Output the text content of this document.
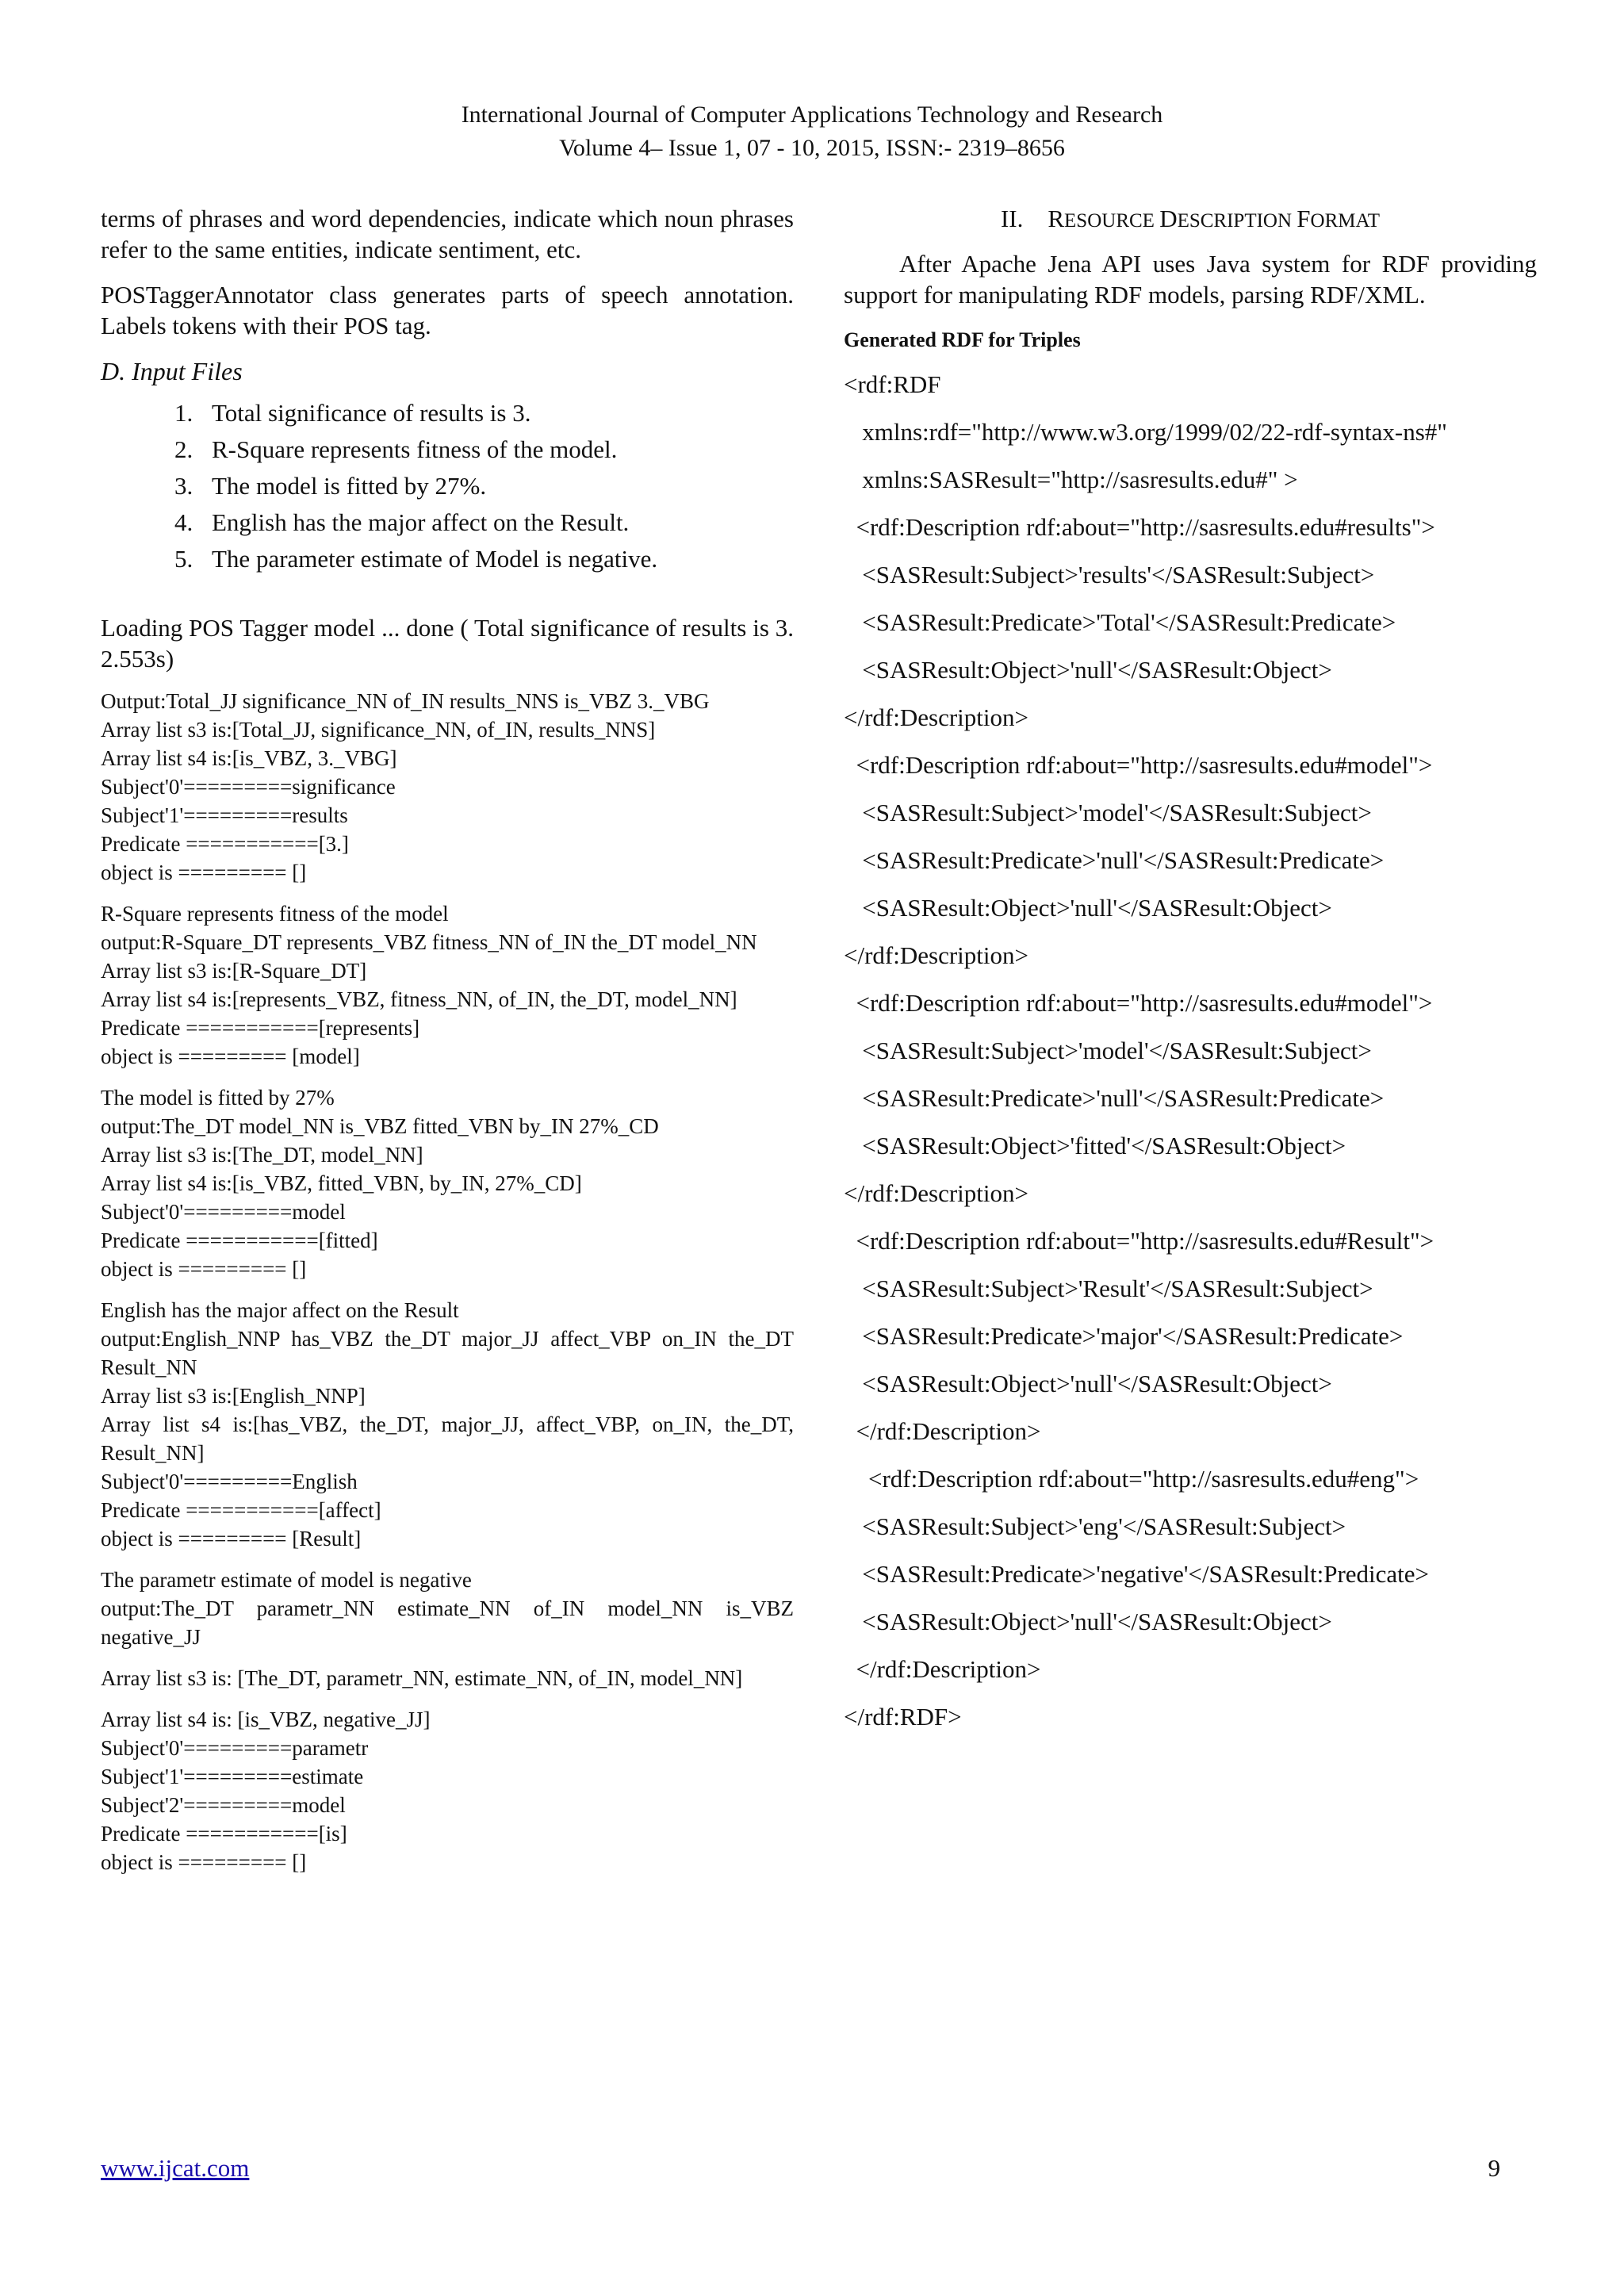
International Journal of Computer Applications Technology and Research
Volume 4– Issue 1, 07 - 10, 2015, ISSN:- 2319–8656

terms of phrases and word dependencies, indicate which noun phrases refer to the same entities, indicate sentiment, etc.

POSTaggerAnnotator class generates parts of speech annotation. Labels tokens with their POS tag.

D. Input Files
1. Total significance of results is 3.
2. R-Square represents fitness of the model.
3. The model is fitted by 27%.
4. English has the major affect on the Result.
5. The parameter estimate of Model is negative.

Loading POS Tagger model ... done ( Total significance of results is 3. 2.553s)

Output:Total_JJ significance_NN of_IN results_NNS is_VBZ 3._VBG
Array list s3 is:[Total_JJ, significance_NN, of_IN, results_NNS]
Array list s4 is:[is_VBZ, 3._VBG]
Subject'0'=========significance
Subject'1'=========results
Predicate ===========[3.]
object is ========= []
R-Square represents fitness of the model
output:R-Square_DT represents_VBZ fitness_NN of_IN the_DT model_NN
Array list s3 is:[R-Square_DT]
Array list s4 is:[represents_VBZ, fitness_NN, of_IN, the_DT, model_NN]
Predicate ===========[represents]
object is ========= [model]
The model is fitted by 27%
output:The_DT model_NN is_VBZ fitted_VBN by_IN 27%_CD
Array list s3 is:[The_DT, model_NN]
Array list s4 is:[is_VBZ, fitted_VBN, by_IN, 27%_CD]
Subject'0'=========model
Predicate ===========[fitted]
object is ========= []
English has the major affect on the Result
output:English_NNP has_VBZ the_DT major_JJ affect_VBP on_IN the_DT Result_NN
Array list s3 is:[English_NNP]
Array list s4 is:[has_VBZ, the_DT, major_JJ, affect_VBP, on_IN, the_DT, Result_NN]
Subject'0'=========English
Predicate ===========[affect]
object is ========= [Result]
The parametr estimate of model is negative
output:The_DT parametr_NN estimate_NN of_IN model_NN is_VBZ negative_JJ
Array list s3 is: [The_DT, parametr_NN, estimate_NN, of_IN, model_NN]
Array list s4 is: [is_VBZ, negative_JJ]
Subject'0'=========parametr
Subject'1'=========estimate
Subject'2'=========model
Predicate ===========[is]
object is ========= []
II. RESOURCE DESCRIPTION FORMAT

After Apache Jena API uses Java system for RDF providing support for manipulating RDF models, parsing RDF/XML.

Generated RDF for Triples
<rdf:RDF
xmlns:rdf="http://www.w3.org/1999/02/22-rdf-syntax-ns#"
xmlns:SASResult="http://sasresults.edu#" >
<rdf:Description rdf:about="http://sasresults.edu#results">
<SASResult:Subject>'results'</SASResult:Subject>
<SASResult:Predicate>'Total'</SASResult:Predicate>
<SASResult:Object>'null'</SASResult:Object>
</rdf:Description>
<rdf:Description rdf:about="http://sasresults.edu#model">
<SASResult:Subject>'model'</SASResult:Subject>
<SASResult:Predicate>'null'</SASResult:Predicate>
<SASResult:Object>'null'</SASResult:Object>
</rdf:Description>
<rdf:Description rdf:about="http://sasresults.edu#model">
<SASResult:Subject>'model'</SASResult:Subject>
<SASResult:Predicate>'null'</SASResult:Predicate>
<SASResult:Object>'fitted'</SASResult:Object>
</rdf:Description>
<rdf:Description rdf:about="http://sasresults.edu#Result">
<SASResult:Subject>'Result'</SASResult:Subject>
<SASResult:Predicate>'major'</SASResult:Predicate>
<SASResult:Object>'null'</SASResult:Object>
</rdf:Description>
<rdf:Description rdf:about="http://sasresults.edu#eng">
<SASResult:Subject>'eng'</SASResult:Subject>
<SASResult:Predicate>'negative'</SASResult:Predicate>
<SASResult:Object>'null'</SASResult:Object>
</rdf:Description>
</rdf:RDF>
www.ijcat.com	9
